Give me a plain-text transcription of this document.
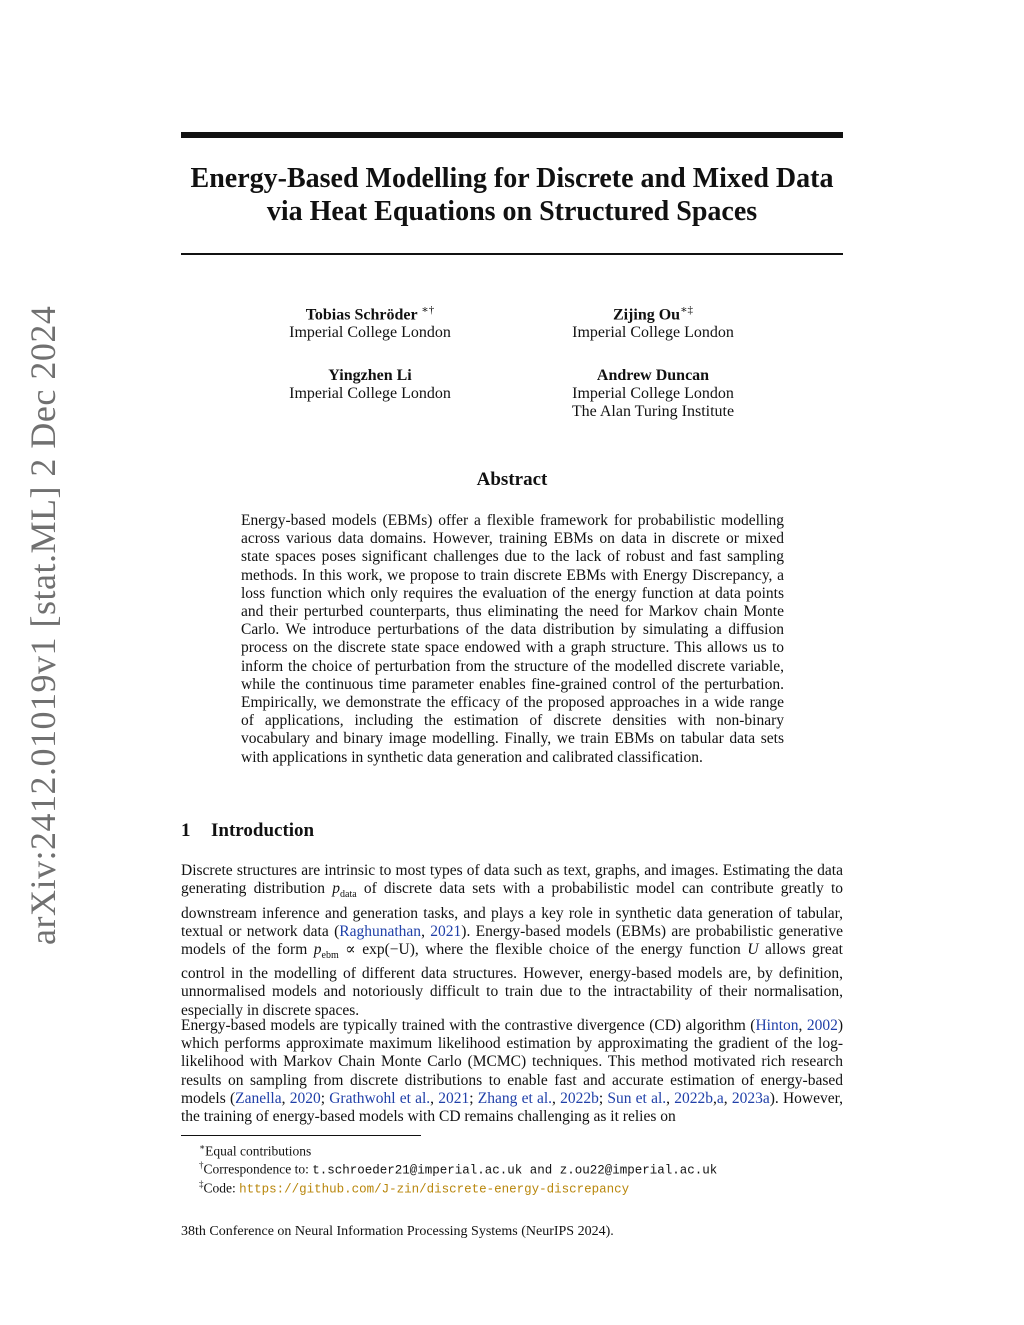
arXiv:2412.01019v1 [stat.ML] 2 Dec 2024
Energy-Based Modelling for Discrete and Mixed Data
via Heat Equations on Structured Spaces
Tobias Schröder ∗†
Imperial College London
Zijing Ou∗‡
Imperial College London
Yingzhen Li
Imperial College London
Andrew Duncan
Imperial College London
The Alan Turing Institute
Abstract
Energy-based models (EBMs) offer a flexible framework for probabilistic modelling across various data domains. However, training EBMs on data in discrete or mixed state spaces poses significant challenges due to the lack of robust and fast sampling methods. In this work, we propose to train discrete EBMs with Energy Discrepancy, a loss function which only requires the evaluation of the energy function at data points and their perturbed counterparts, thus eliminating the need for Markov chain Monte Carlo. We introduce perturbations of the data distribution by simulating a diffusion process on the discrete state space endowed with a graph structure. This allows us to inform the choice of perturbation from the structure of the modelled discrete variable, while the continuous time parameter enables fine-grained control of the perturbation. Empirically, we demonstrate the efficacy of the proposed approaches in a wide range of applications, including the estimation of discrete densities with non-binary vocabulary and binary image modelling. Finally, we train EBMs on tabular data sets with applications in synthetic data generation and calibrated classification.
1 Introduction
Discrete structures are intrinsic to most types of data such as text, graphs, and images. Estimating the data generating distribution $p_{data}$ of discrete data sets with a probabilistic model can contribute greatly to downstream inference and generation tasks, and plays a key role in synthetic data generation of tabular, textual or network data (Raghunathan, 2021). Energy-based models (EBMs) are probabilistic generative models of the form $p_{ebm} \propto \exp(-U)$, where the flexible choice of the energy function U allows great control in the modelling of different data structures. However, energy-based models are, by definition, unnormalised models and notoriously difficult to train due to the intractability of their normalisation, especially in discrete spaces.
Energy-based models are typically trained with the contrastive divergence (CD) algorithm (Hinton, 2002) which performs approximate maximum likelihood estimation by approximating the gradient of the log-likelihood with Markov Chain Monte Carlo (MCMC) techniques. This method motivated rich research results on sampling from discrete distributions to enable fast and accurate estimation of energy-based models (Zanella, 2020; Grathwohl et al., 2021; Zhang et al., 2022b; Sun et al., 2022b,a, 2023a). However, the training of energy-based models with CD remains challenging as it relies on
∗Equal contributions
†Correspondence to: t.schroeder21@imperial.ac.uk and z.ou22@imperial.ac.uk
‡Code: https://github.com/J-zin/discrete-energy-discrepancy
38th Conference on Neural Information Processing Systems (NeurIPS 2024).
